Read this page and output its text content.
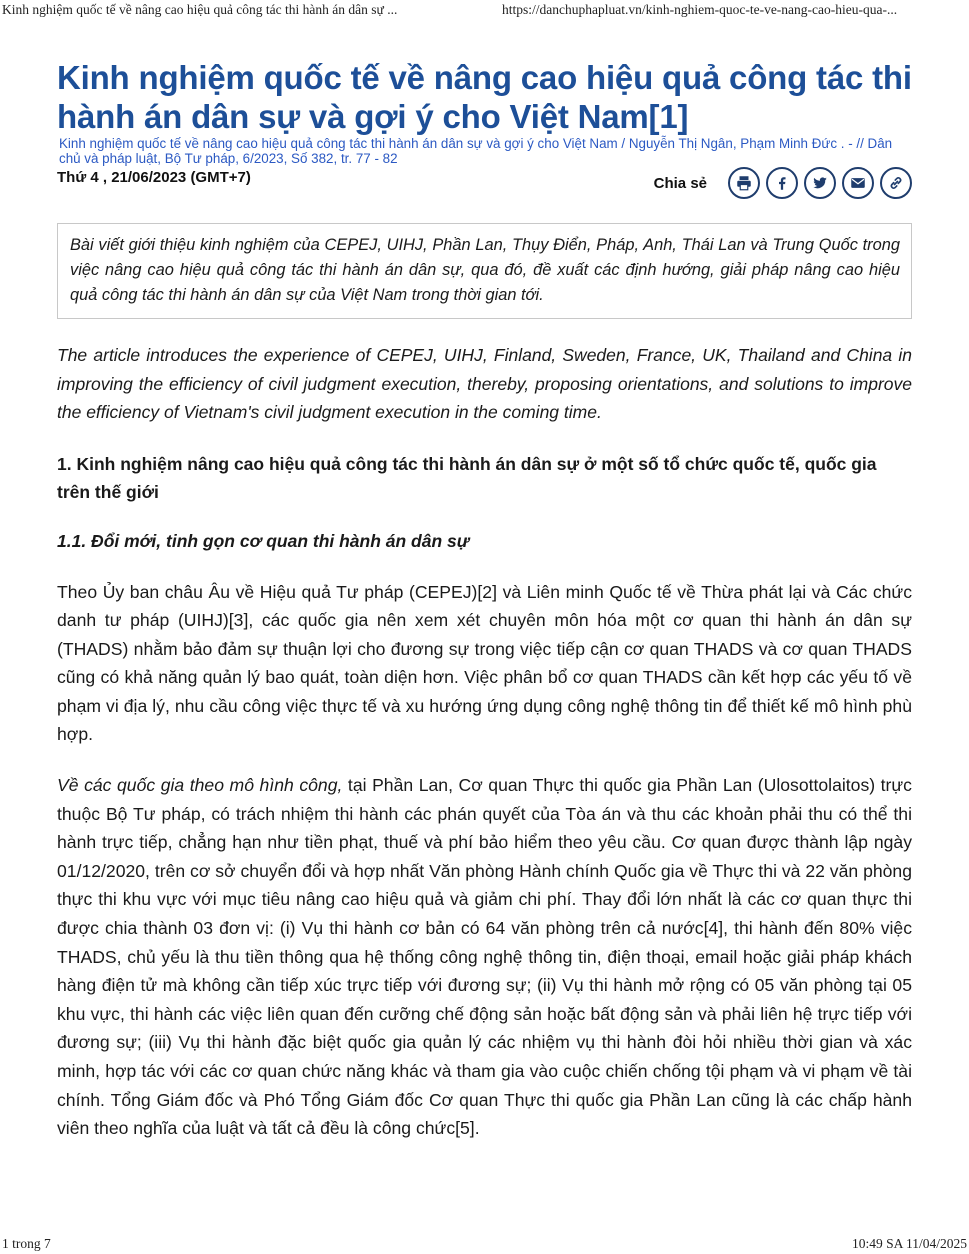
Kinh nghiệm quốc tế về nâng cao hiệu quả công tác thi hành án dân sự ...	https://danchuphapluat.vn/kinh-nghiem-quoc-te-ve-nang-cao-hieu-qua-...
Kinh nghiệm quốc tế về nâng cao hiệu quả công tác thi hành án dân sự và gợi ý cho Việt Nam[1]

Kinh nghiệm quốc tế về nâng cao hiệu quả công tác thi hành án dân sự và gợi ý cho Việt Nam / Nguyễn Thị Ngân, Phạm Minh Đức . - // Dân chủ và pháp luật, Bộ Tư pháp, 6/2023, Số 382, tr. 77 - 82

Thứ 4 , 21/06/2023 (GMT+7)	Chia sẻ
Bài viết giới thiệu kinh nghiệm của CEPEJ, UIHJ, Phần Lan, Thụy Điển, Pháp, Anh, Thái Lan và Trung Quốc trong việc nâng cao hiệu quả công tác thi hành án dân sự, qua đó, đề xuất các định hướng, giải pháp nâng cao hiệu quả công tác thi hành án dân sự của Việt Nam trong thời gian tới.

The article introduces the experience of CEPEJ, UIHJ, Finland, Sweden, France, UK, Thailand and China in improving the efficiency of civil judgment execution, thereby, proposing orientations, and solutions to improve the efficiency of Vietnam's civil judgment execution in the coming time.

1. Kinh nghiệm nâng cao hiệu quả công tác thi hành án dân sự ở một số tổ chức quốc tế, quốc gia trên thế giới

1.1. Đổi mới, tinh gọn cơ quan thi hành án dân sự

Theo Ủy ban châu Âu về Hiệu quả Tư pháp (CEPEJ)[2] và Liên minh Quốc tế về Thừa phát lại và Các chức danh tư pháp (UIHJ)[3], các quốc gia nên xem xét chuyên môn hóa một cơ quan thi hành án dân sự (THADS) nhằm bảo đảm sự thuận lợi cho đương sự trong việc tiếp cận cơ quan THADS và cơ quan THADS cũng có khả năng quản lý bao quát, toàn diện hơn. Việc phân bổ cơ quan THADS cần kết hợp các yếu tố về phạm vi địa lý, nhu cầu công việc thực tế và xu hướng ứng dụng công nghệ thông tin để thiết kế mô hình phù hợp.

Về các quốc gia theo mô hình công, tại Phần Lan, Cơ quan Thực thi quốc gia Phần Lan (Ulosottolaitos) trực thuộc Bộ Tư pháp, có trách nhiệm thi hành các phán quyết của Tòa án và thu các khoản phải thu có thể thi hành trực tiếp, chẳng hạn như tiền phạt, thuế và phí bảo hiểm theo yêu cầu. Cơ quan được thành lập ngày 01/12/2020, trên cơ sở chuyển đổi và hợp nhất Văn phòng Hành chính Quốc gia về Thực thi và 22 văn phòng thực thi khu vực với mục tiêu nâng cao hiệu quả và giảm chi phí. Thay đổi lớn nhất là các cơ quan thực thi được chia thành 03 đơn vị: (i) Vụ thi hành cơ bản có 64 văn phòng trên cả nước[4], thi hành đến 80% việc THADS, chủ yếu là thu tiền thông qua hệ thống công nghệ thông tin, điện thoại, email hoặc giải pháp khách hàng điện tử mà không cần tiếp xúc trực tiếp với đương sự; (ii) Vụ thi hành mở rộng có 05 văn phòng tại 05 khu vực, thi hành các việc liên quan đến cưỡng chế động sản hoặc bất động sản và phải liên hệ trực tiếp với đương sự; (iii) Vụ thi hành đặc biệt quốc gia quản lý các nhiệm vụ thi hành đòi hỏi nhiều thời gian và xác minh, hợp tác với các cơ quan chức năng khác và tham gia vào cuộc chiến chống tội phạm và vi phạm về tài chính. Tổng Giám đốc và Phó Tổng Giám đốc Cơ quan Thực thi quốc gia Phần Lan cũng là các chấp hành viên theo nghĩa của luật và tất cả đều là công chức[5].

1 trong 7	10:49 SA 11/04/2025
